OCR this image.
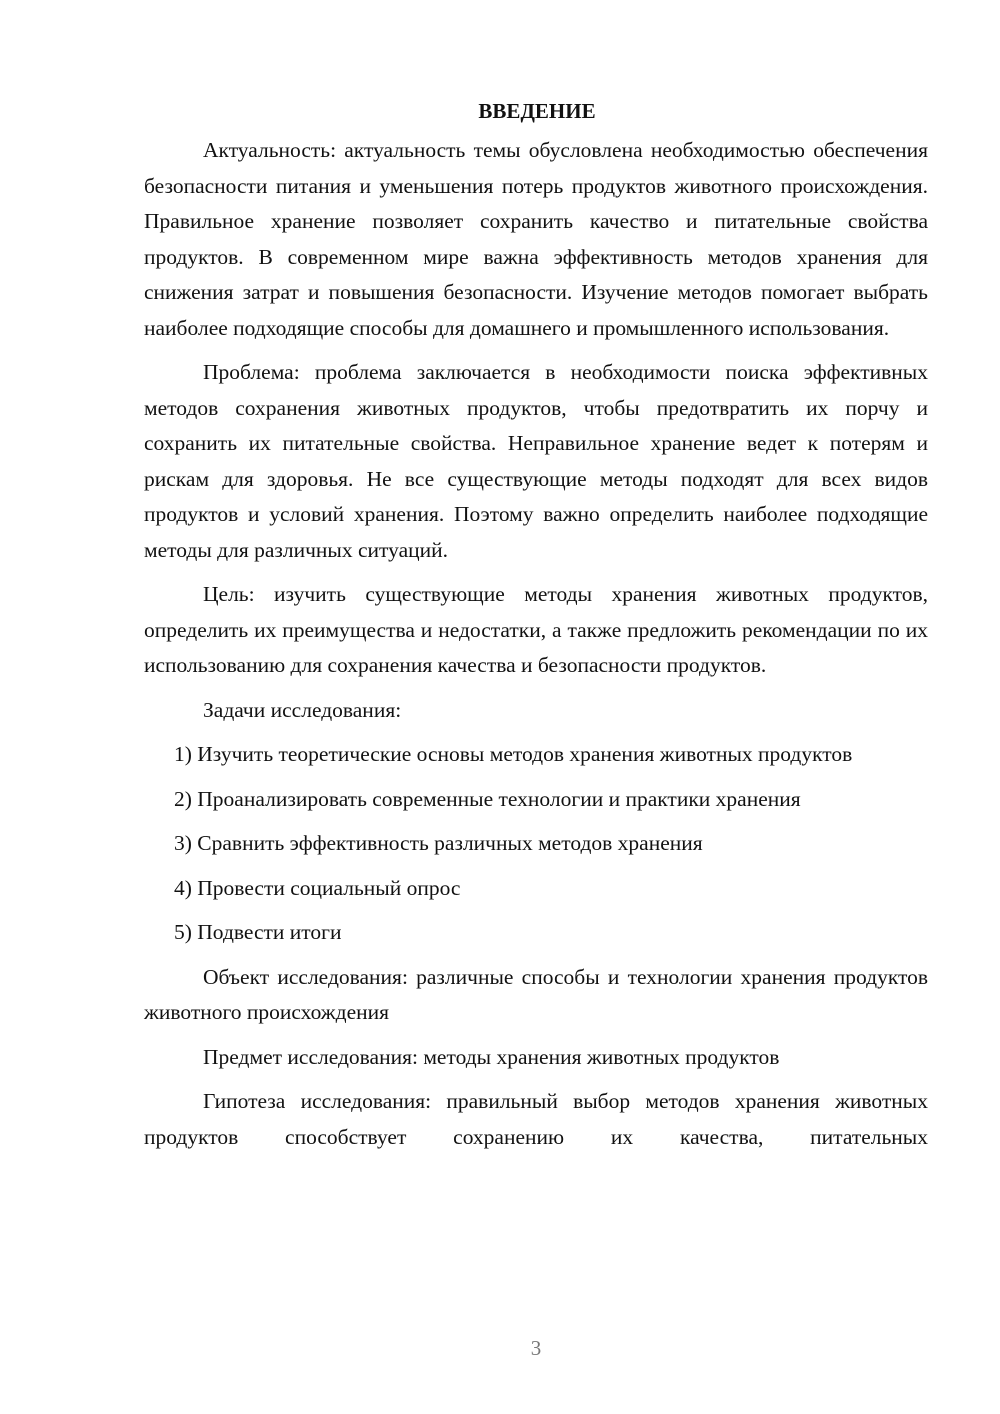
ВВЕДЕНИЕ

Актуальность: актуальность темы обусловлена необходимостью обеспечения безопасности питания и уменьшения потерь продуктов животного происхождения. Правильное хранение позволяет сохранить качество и питательные свойства продуктов. В современном мире важна эффективность методов хранения для снижения затрат и повышения безопасности. Изучение методов помогает выбрать наиболее подходящие способы для домашнего и промышленного использования.

Проблема: проблема заключается в необходимости поиска эффективных методов сохранения животных продуктов, чтобы предотвратить их порчу и сохранить их питательные свойства. Неправильное хранение ведет к потерям и рискам для здоровья. Не все существующие методы подходят для всех видов продуктов и условий хранения. Поэтому важно определить наиболее подходящие методы для различных ситуаций.

Цель: изучить существующие методы хранения животных продуктов, определить их преимущества и недостатки, а также предложить рекомендации по их использованию для сохранения качества и безопасности продуктов.

Задачи исследования:

1) Изучить теоретические основы методов хранения животных продуктов

2) Проанализировать современные технологии и практики хранения

3) Сравнить эффективность различных методов хранения

4) Провести социальный опрос

5) Подвести итоги

Объект исследования: различные способы и технологии хранения продуктов животного происхождения

Предмет исследования: методы хранения животных продуктов

Гипотеза исследования: правильный выбор методов хранения животных продуктов способствует сохранению их качества, питательных

3
